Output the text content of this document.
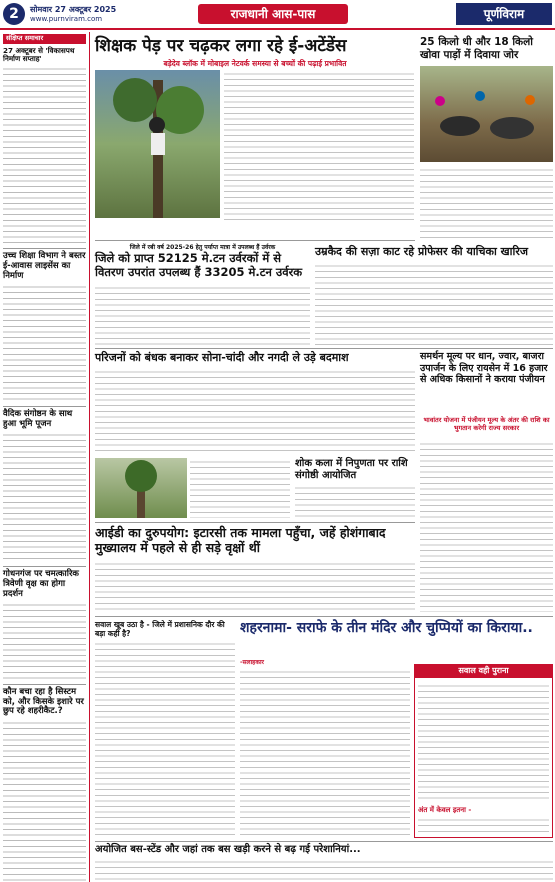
2	सोमवार 27 अक्टूबर 2025
www.purnviram.com	राजधानी आस-पास	पूर्णविराम
संक्षिप्त समाचार
27 अक्टूबर से 'विकासपथ निर्माण सप्ताह'
उच्च शिक्षा विभाग ने बस्तर ई-आवास लाइसेंस का निर्माण
वैदिक संगोष्ठन के साथ हुआ भूमि पूजन
गोधनगंज पर चमत्कारिक त्रिवेणी वृक्ष का होगा प्रदर्शन
कौन बचा रहा है सिस्टम को, और किसके इशारे पर छुप रहे शहरीकैट.?
शिक्षक पेड़ पर चढ़कर लगा रहे ई-अटेंडेंस
बड़ेदेव ब्लॉक में मोबाइल नेटवर्क समस्या से बच्चों की पढ़ाई प्रभावित
25 किलो धी और 18 किलो खोवा पाड़ों में दिवाया जोर
जिले में रबी वर्ष 2025-26 हेतु पर्याप्त मात्रा में उपलब्ध हैं उर्वरक
जिले को प्राप्त 52125 मे.टन उर्वरकों में से वितरण उपरांत उपलब्ध हैं 33205 मे.टन उर्वरक
उम्रकैद की सज़ा काट रहे प्रोफेसर की याचिका खारिज
परिजनों को बंधक बनाकर सोना-चांदी और नगदी ले उड़े बदमाश	समर्थन मूल्य पर धान, ज्वार, बाजरा उपार्जन के लिए रायसेन में 16 हजार से अधिक किसानों ने कराया पंजीयन
भावांतर योजना में पंजीयन मूल्य के अंतर की राशि का भुगतान करेगी राज्य सरकार
शोक कला में निपुणता पर राशि संगोष्ठी आयोजित
आईडी का दुरुपयोग: इटारसी तक मामला पहुँचा, जहें होशंगाबाद मुख्यालय में पहले से ही सड़े वृक्षों थीं
शहरनामा- सराफे के तीन मंदिर और चुप्पियों का किराया..
-सलाहकार
सवाल खूब उठा है - जिले में प्रशासनिक दौर की बड़ा कहीं है?
सवाल वही पुराना
अंत में केवल इतना -
अयोजित बस-स्टेंड और जहां तक बस खड़ी करने से बढ़ गई परेशानियां...
